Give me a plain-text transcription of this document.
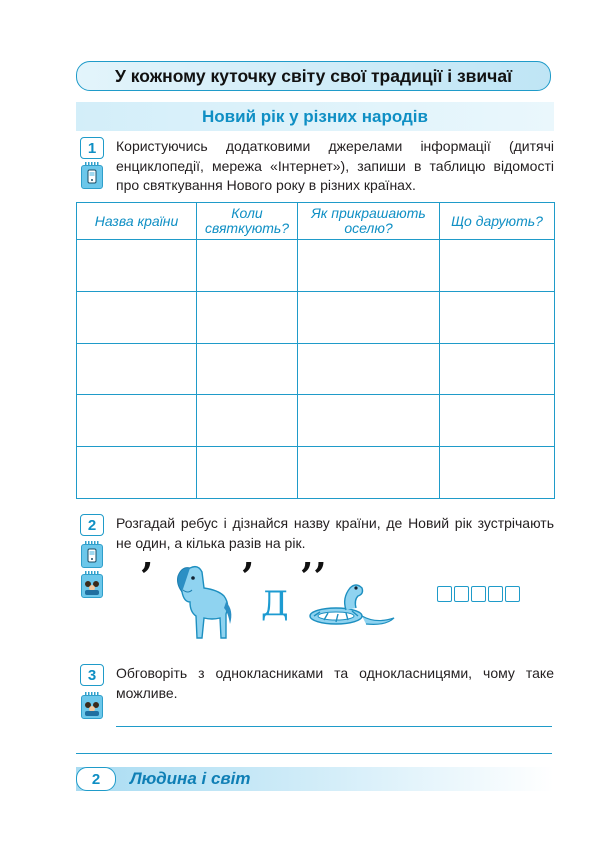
У кожному куточку світу свої традиції і звичаї
Новий рік у різних народів
1	Користуючись додатковими джерелами інформації (дитячі енциклопедії, мережа «Інтернет»), запиши в таблицю відомості про святкування Нового року в різних країнах.
Назва країни	Коли святкують?	Як прикрашають оселю?	Що дарують?

2	Розгадай ребус і дізнайся назву країни, де Новий рік зустрічають не один, а кілька разів на рік.
’ ’
Д
’’
3	Обговоріть з однокласниками та однокласницями, чому таке можливе.
2	Людина і світ
